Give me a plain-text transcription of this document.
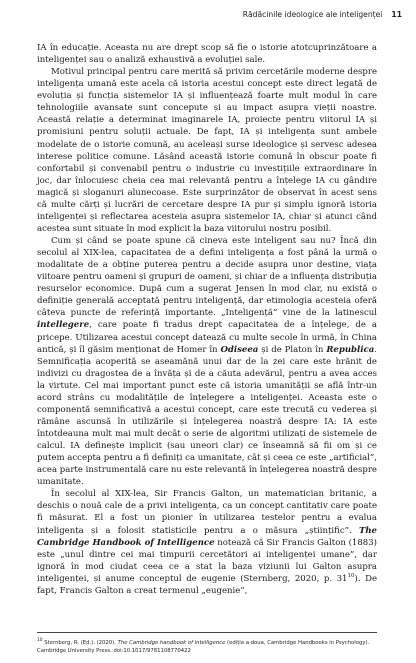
Rădăcinile ideologice ale inteligenței 11

IA în educație. Aceasta nu are drept scop să fie o istorie atotcuprinzătoare a inteligenței sau o analiză exhaustivă a evoluției sale.

Motivul principal pentru care merită să privim cercetările moderne despre inteligența umană este acela că istoria acestui concept este direct legată de evoluția și funcția sistemelor IA și influențează foarte mult modul în care tehnologiile avansate sunt concepute și au impact asupra vieții noastre. Această relație a determinat imaginarele IA, proiecte pentru viitorul IA și promisiuni pentru soluții actuale. De fapt, IA și inteligența sunt ambele modelate de o istorie comună, au aceleași surse ideologice și servesc adesea interese politice comune. Lăsând această istorie comună în obscur poate fi confortabil și convenabil pentru o industrie cu investițiile extraordinare în joc, dar înlocuiesc cheia cea mai relevantă pentru a înțelege IA cu gândire magică și sloganuri alunecoase. Este surprinzător de observat în acest sens că multe cărți și lucrări de cercetare despre IA pur și simplu ignoră istoria inteligenței și reflectarea acesteia asupra sistemelor IA, chiar și atunci când acestea sunt situate în mod explicit la baza viitorului nostru posibil.

Cum și când se poate spune că cineva este inteligent sau nu? Încă din secolul al XIX-lea, capacitatea de a defini inteligența a fost până la urmă o modalitate de a obține puterea pentru a decide asupra unor destine, viața viitoare pentru oameni și grupuri de oameni, și chiar de a influența distribuția resurselor economice. După cum a sugerat Jensen în mod clar, nu există o definiție generală acceptată pentru inteligență, dar etimologia acesteia oferă câteva puncte de referință importante. „Inteligență” vine de la latinescul intellegere, care poate fi tradus drept capacitatea de a înțelege, de a pricepe. Utilizarea acestui concept datează cu multe secole în urmă, în China antică, și îl găsim menționat de Homer în Odiseea și de Platon în Republica. Semnificația acoperită se aseamănă unui dar de la zei care este hrănit de indivizi cu dragostea de a învăța și de a căuta adevărul, pentru a avea acces la virtute. Cel mai important punct este că istoria umanității se află într-un acord strâns cu modalitățile de înțelegere a inteligenței. Aceasta este o componentă semnificativă a acestui concept, care este trecută cu vederea și rămâne ascunsă în utilizările și înțelegerea noastră despre IA: IA este întotdeauna mult mai mult decât o serie de algoritmi utilizați de sistemele de calcul. IA definește implicit (sau uneori clar) ce înseamnă să fii om și ce putem accepta pentru a fi definiți ca umanitate, cât și ceea ce este „artificial”, acea parte instrumentală care nu este relevantă în înțelegerea noastră despre umanitate.

În secolul al XIX-lea, Sir Francis Galton, un matematician britanic, a deschis o nouă cale de a privi inteligența, ca un concept cantitativ care poate fi măsurat. El a fost un pionier în utilizarea testelor pentru a evalua inteligența și a folosit statisticile pentru a o măsura „științific”. The Cambridge Handbook of Intelligence notează că Sir Francis Galton (1883) este „unul dintre cei mai timpurii cercetători ai inteligenței umane”, dar ignoră în mod ciudat ceea ce a stat la baza viziunii lui Galton asupra inteligenței, și anume conceptul de eugenie (Sternberg, 2020, p. $31^{10}$). De fapt, Francis Galton a creat termenul „eugenie”,

$^{10}$ Sternberg, R. (Ed.). (2020). The Cambridge handbook of intelligence (ediția a doua, Cambridge Handbooks in Psychology). Cambridge University Press. doi:10.1017/9781108770422
